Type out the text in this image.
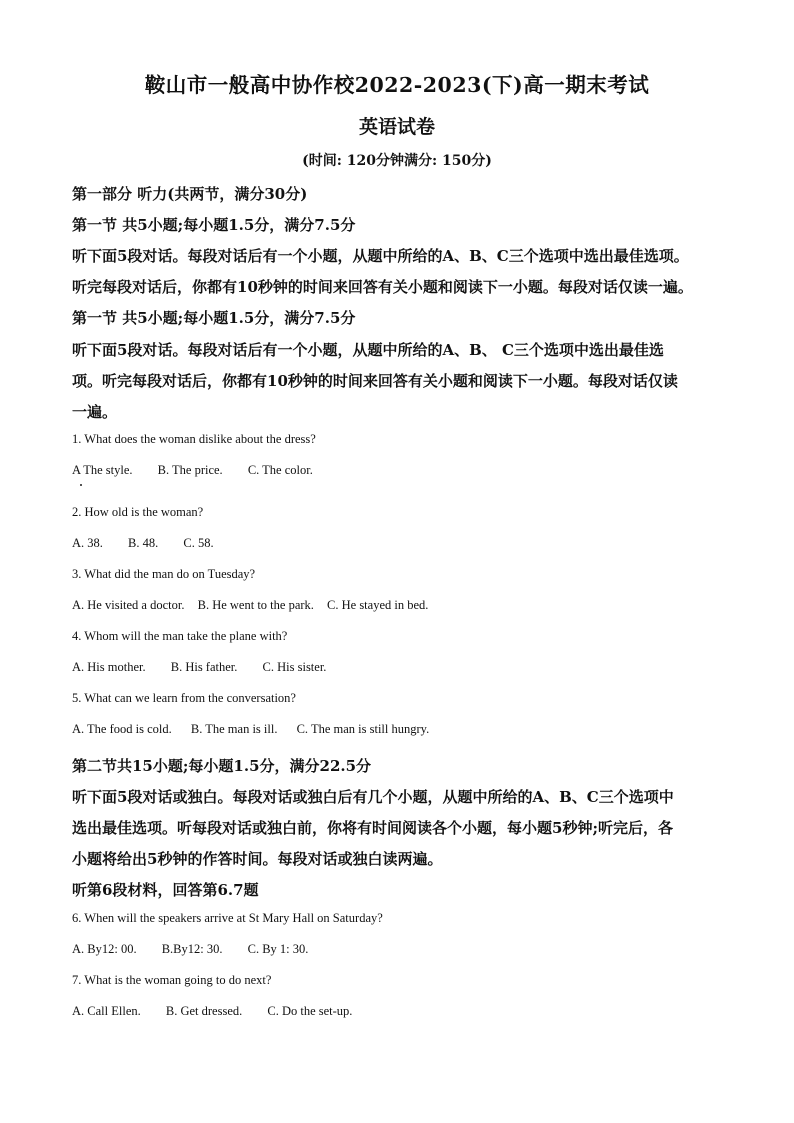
鞍山市一般高中协作校2022-2023(下)高一期末考试
英语试卷
(时间: 120分钟满分: 150分)
第一部分 听力(共两节，满分30分)
第一节 共5小题;每小题1.5分，满分7.5分
听下面5段对话。每段对话后有一个小题，从题中所给的A、B、C三个选项中选出最佳选项。
听完每段对话后，你都有10秒钟的时间来回答有关小题和阅读下一小题。每段对话仅读一遍。
第一节 共5小题;每小题1.5分，满分7.5分
听下面5段对话。每段对话后有一个小题，从题中所给的A、B、 C三个选项中选出最佳选
项。听完每段对话后，你都有10秒钟的时间来回答有关小题和阅读下一小题。每段对话仅读
一遍。
1. What does the woman dislike about the dress?
A The style. B. The price. C. The color.
2. How old is the woman?
A. 38. B. 48. C. 58.
3. What did the man do on Tuesday?
A. He visited a doctor. B. He went to the park. C. He stayed in bed.
4. Whom will the man take the plane with?
A. His mother. B. His father. C. His sister.
5. What can we learn from the conversation?
A. The food is cold. B. The man is ill. C. The man is still hungry.
第二节共15小题;每小题1.5分，满分22.5分
听下面5段对话或独白。每段对话或独白后有几个小题，从题中所给的A、B、C三个选项中
选出最佳选项。听每段对话或独白前，你将有时间阅读各个小题，每小题5秒钟;听完后，各
小题将给出5秒钟的作答时间。每段对话或独白读两遍。
听第6段材料，回答第6.7题
6. When will the speakers arrive at St Mary Hall on Saturday?
A. By12: 00. B.By12: 30. C. By 1: 30.
7. What is the woman going to do next?
A. Call Ellen. B. Get dressed. C. Do the set-up.
